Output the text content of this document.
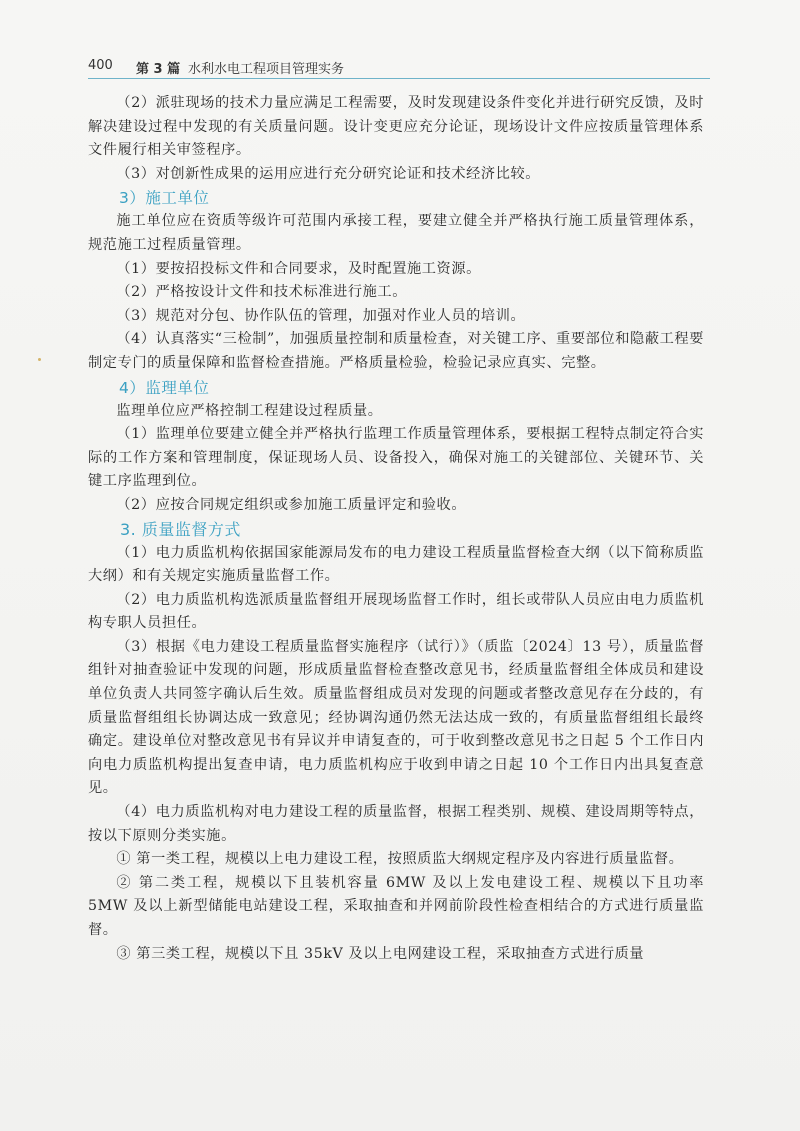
400 第 3 篇 水利水电工程项目管理实务

（2）派驻现场的技术力量应满足工程需要，及时发现建设条件变化并进行研究反馈，及时解决建设过程中发现的有关质量问题。设计变更应充分论证，现场设计文件应按质量管理体系文件履行相关审签程序。

（3）对创新性成果的运用应进行充分研究论证和技术经济比较。

3）施工单位

施工单位应在资质等级许可范围内承接工程，要建立健全并严格执行施工质量管理体系，规范施工过程质量管理。

（1）要按招投标文件和合同要求，及时配置施工资源。

（2）严格按设计文件和技术标准进行施工。

（3）规范对分包、协作队伍的管理，加强对作业人员的培训。

（4）认真落实“三检制”，加强质量控制和质量检查，对关键工序、重要部位和隐蔽工程要制定专门的质量保障和监督检查措施。严格质量检验，检验记录应真实、完整。

4）监理单位

监理单位应严格控制工程建设过程质量。

（1）监理单位要建立健全并严格执行监理工作质量管理体系，要根据工程特点制定符合实际的工作方案和管理制度，保证现场人员、设备投入，确保对施工的关键部位、关键环节、关键工序监理到位。

（2）应按合同规定组织或参加施工质量评定和验收。

3. 质量监督方式

（1）电力质监机构依据国家能源局发布的电力建设工程质量监督检查大纲（以下简称质监大纲）和有关规定实施质量监督工作。

（2）电力质监机构选派质量监督组开展现场监督工作时，组长或带队人员应由电力质监机构专职人员担任。

（3）根据《电力建设工程质量监督实施程序（试行）》（质监〔2024〕13 号），质量监督组针对抽查验证中发现的问题，形成质量监督检查整改意见书，经质量监督组全体成员和建设单位负责人共同签字确认后生效。质量监督组成员对发现的问题或者整改意见存在分歧的，有质量监督组组长协调达成一致意见；经协调沟通仍然无法达成一致的，有质量监督组组长最终确定。建设单位对整改意见书有异议并申请复查的，可于收到整改意见书之日起 5 个工作日内向电力质监机构提出复查申请，电力质监机构应于收到申请之日起 10 个工作日内出具复查意见。

（4）电力质监机构对电力建设工程的质量监督，根据工程类别、规模、建设周期等特点，按以下原则分类实施。

① 第一类工程，规模以上电力建设工程，按照质监大纲规定程序及内容进行质量监督。

② 第二类工程，规模以下且装机容量 6MW 及以上发电建设工程、规模以下且功率 5MW 及以上新型储能电站建设工程，采取抽查和并网前阶段性检查相结合的方式进行质量监督。

③ 第三类工程，规模以下且 35kV 及以上电网建设工程，采取抽查方式进行质量
